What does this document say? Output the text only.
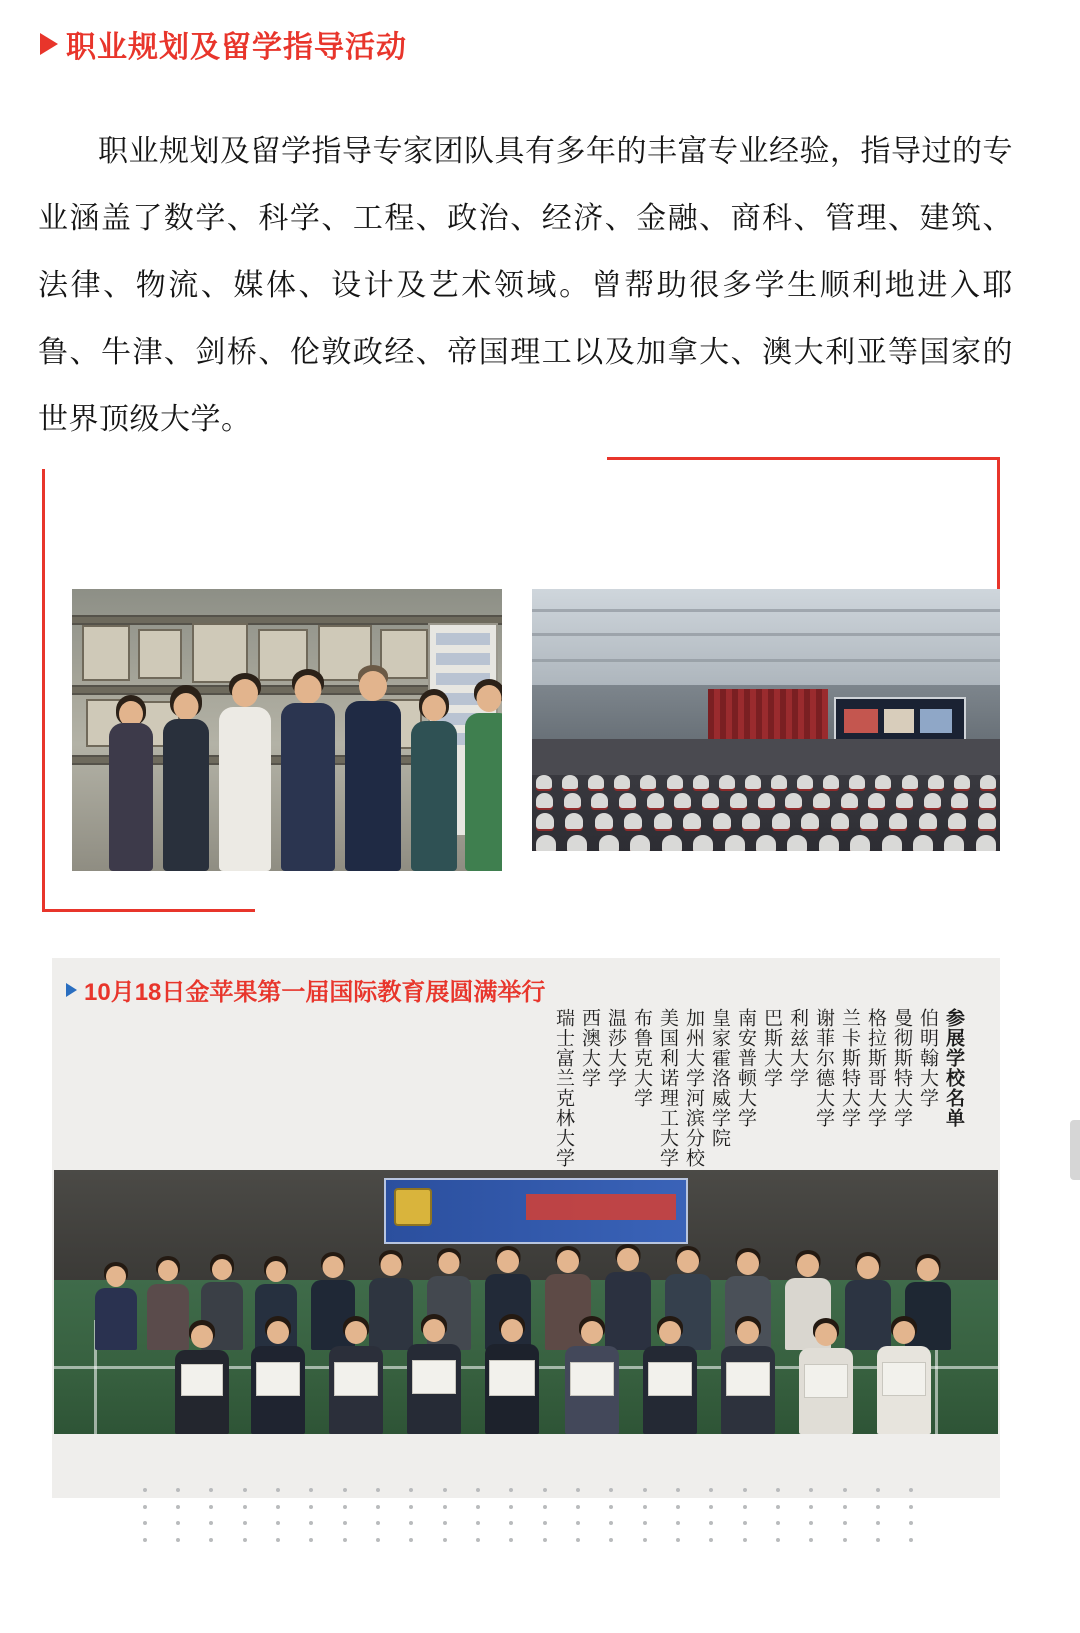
职业规划及留学指导活动

职业规划及留学指导专家团队具有多年的丰富专业经验，指导过的专业涵盖了数学、科学、工程、政治、经济、金融、商科、管理、建筑、法律、物流、媒体、设计及艺术领域。曾帮助很多学生顺利地进入耶鲁、牛津、剑桥、伦敦政经、帝国理工以及加拿大、澳大利亚等国家的世界顶级大学。

10月18日金苹果第一届国际教育展圆满举行
参展学校名单
伯明翰大学
曼彻斯特大学
格拉斯哥大学
兰卡斯特大学
谢菲尔德大学
利兹大学
巴斯大学
南安普顿大学
皇家霍洛威学院
加州大学河滨分校
美国利诺理工大学
布鲁克大学
温莎大学
西澳大学
瑞士富兰克林大学
